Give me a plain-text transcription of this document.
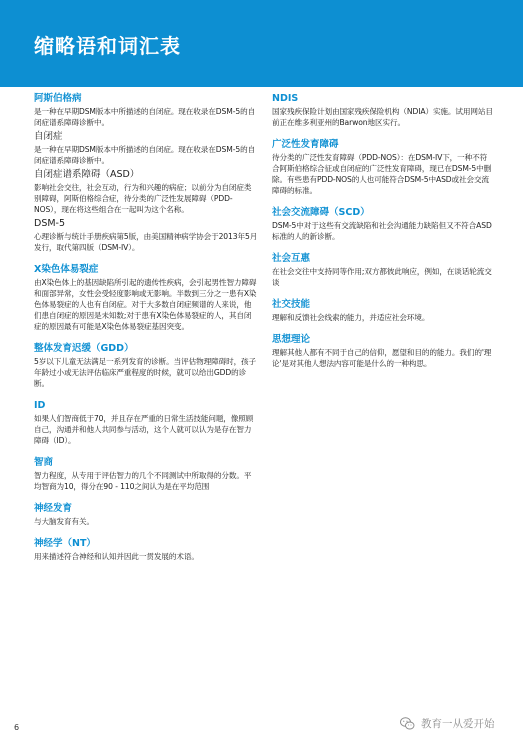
缩略语和词汇表

阿斯伯格病

是一种在早期DSM版本中所描述的自闭症。现在收录在DSM-5的自闭症谱系障碍诊断中。

自闭症

是一种在早期DSM版本中所描述的自闭症。现在收录在DSM-5的自闭症谱系障碍诊断中。

自闭症谱系障碍（ASD）

影响社会交往，社会互动，行为和兴趣的病症；以前分为自闭症类别障碍，阿斯伯格综合症，待分类的广泛性发展障碍（PDD-NOS），现在将这些组合在一起叫为这个名称。

DSM-5

心理诊断与统计手册疾病第5版，由美国精神病学协会于2013年5月发行，取代第四版（DSM-IV）。

X染色体易裂症

由X染色体上的基因缺陷所引起的遗传性疾病，会引起男性智力障碍和面部异常，女性会受轻度影响或无影响。半数到三分之一患有X染色体易裂症的人也有自闭症。对于大多数自闭症频谱的人来说，他们患自闭症的原因是未知数;对于患有X染色体易裂症的人，其自闭症的原因最有可能是X染色体易裂症基因突变。

整体发育迟缓（GDD）

5岁以下儿童无法满足一系列发育的诊断。当评估物理障碍时，孩子年龄过小或无法评估临床严重程度的时候，就可以给出GDD的诊断。

ID

如果人们智商低于70，并且存在严重的日常生活技能问题，像照顾自己，沟通并和他人共同参与活动，这个人就可以认为是存在智力障碍（ID）。

智商

智力程度，从专用于评估智力的几个不同测试中所取得的分数。平均智商为10，得分在90 - 110之间认为是在平均范围

神经发育

与大脑发育有关。

神经学（NT）

用来描述符合神经和认知并因此一贯发展的术语。

NDIS

国家残疾保险计划由国家残疾保险机构（NDIA）实施。试用网站目前正在维多利亚州的Barwon地区实行。

广泛性发育障碍

待分类的广泛性发育障碍（PDD-NOS）：在DSM-IV下，一种不符合阿斯伯格综合征或自闭症的广泛性发育障碍，现已在DSM-5中删除。有些患有PDD-NOS的人也可能符合DSM-5中ASD或社会交流障碍的标准。

社会交流障碍（SCD）

DSM-5中对于这些有交流缺陷和社会沟通能力缺陷但又不符合ASD标准的人的新诊断。

社会互惠

在社会交往中支持同等作用;双方都彼此响应，例如，在谈话轮流交谈

社交技能

理解和反馈社会线索的能力，并适应社会环境。

思想理论

理解其他人都有不同于自己的信仰，愿望和目的的能力。我们的'理论'是对其他人想法内容可能是什么的一种构思。

6	教育一从爱开始
